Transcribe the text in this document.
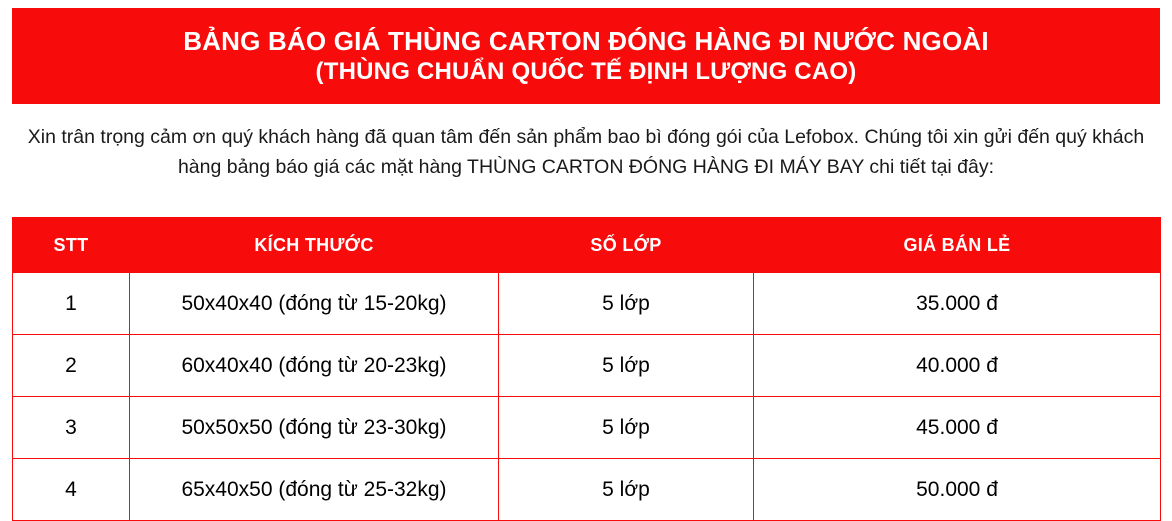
BẢNG BÁO GIÁ THÙNG CARTON ĐÓNG HÀNG ĐI NƯỚC NGOÀI
(THÙNG CHUẨN QUỐC TẾ ĐỊNH LƯỢNG CAO)
Xin trân trọng cảm ơn quý khách hàng đã quan tâm đến sản phẩm bao bì đóng gói của Lefobox. Chúng tôi xin gửi đến quý khách hàng bảng báo giá các mặt hàng THÙNG CARTON ĐÓNG HÀNG ĐI MÁY BAY chi tiết tại đây:
STT	KÍCH THƯỚC	SỐ LỚP	GIÁ BÁN LẺ
1	50x40x40 (đóng từ 15-20kg)	5 lớp	35.000 đ
2	60x40x40 (đóng từ 20-23kg)	5 lớp	40.000 đ
3	50x50x50 (đóng từ 23-30kg)	5 lớp	45.000 đ
4	65x40x50 (đóng từ 25-32kg)	5 lớp	50.000 đ
